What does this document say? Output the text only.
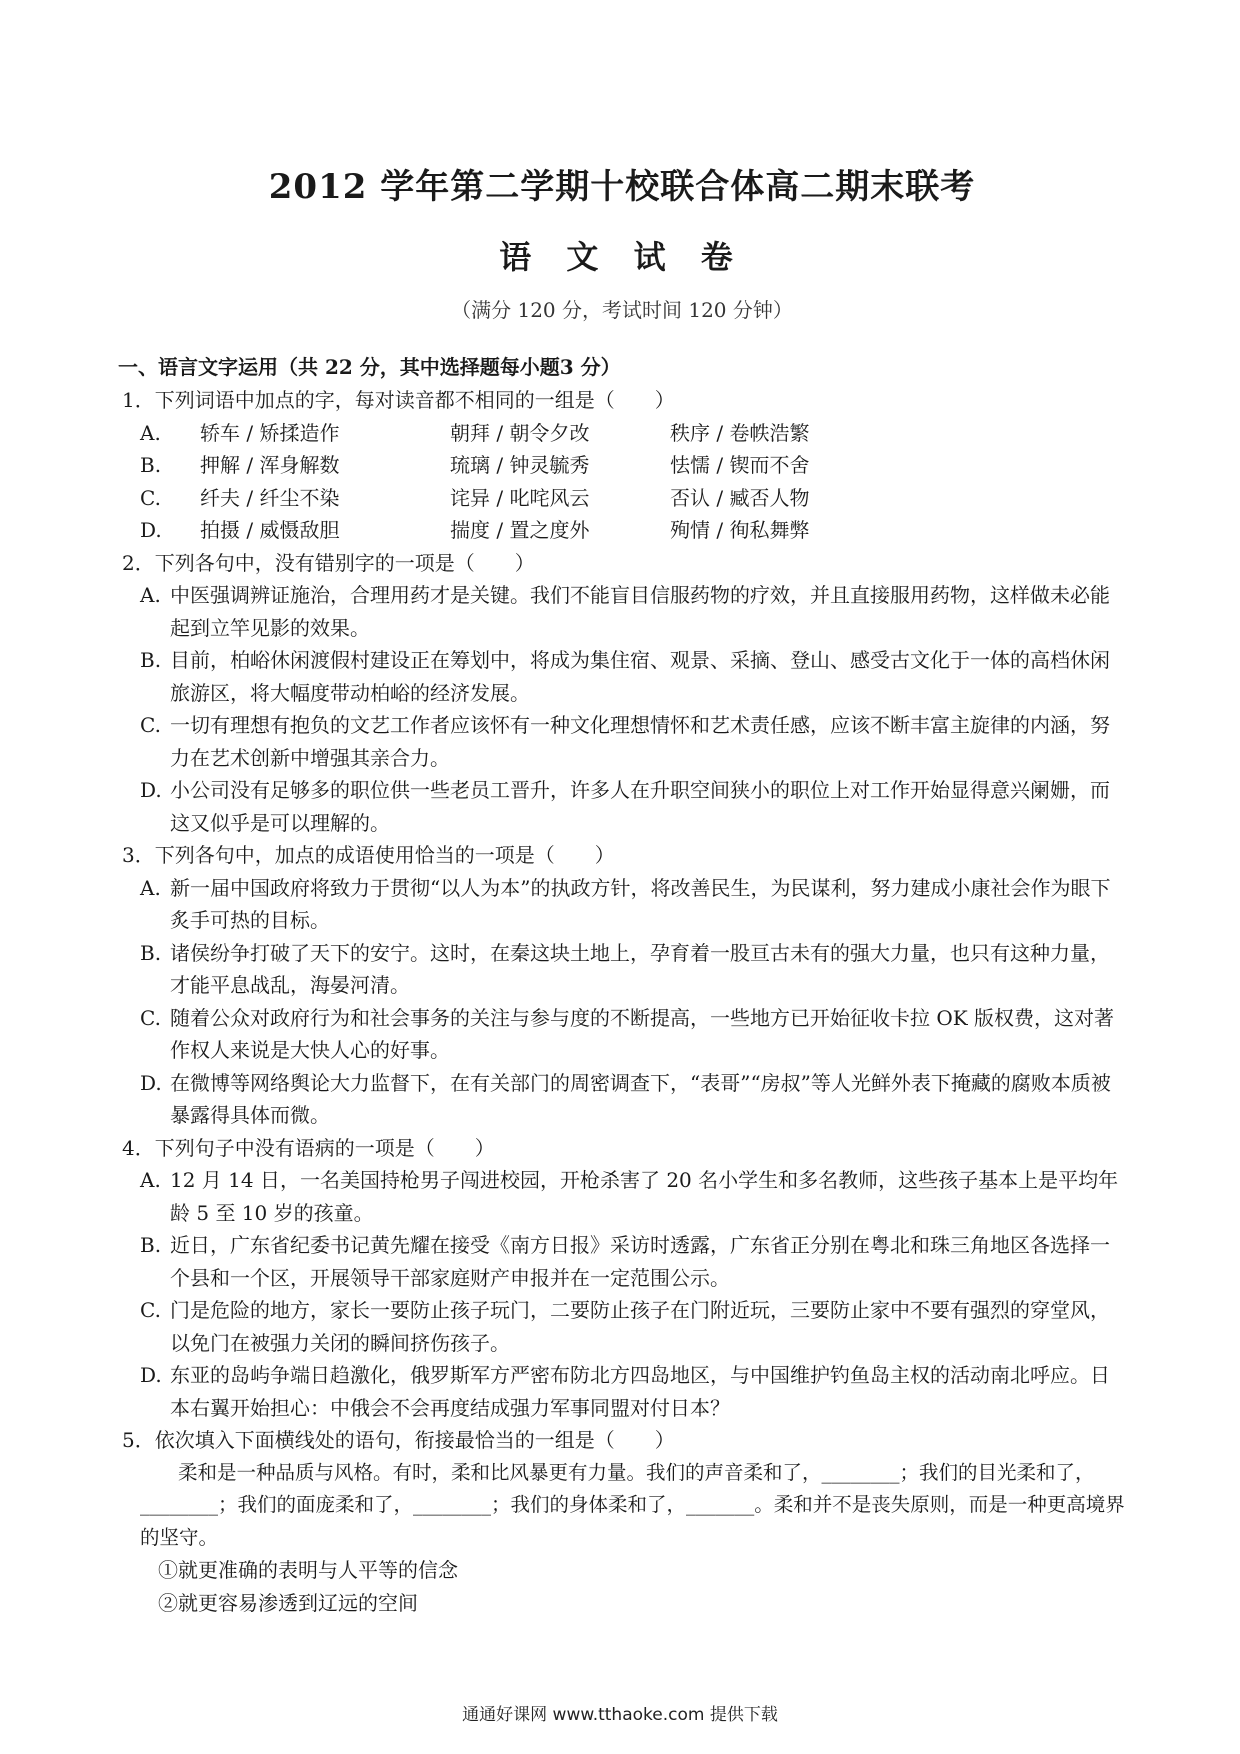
2012 学年第二学期十校联合体高二期末联考
语 文 试 卷
（满分 120 分，考试时间 120 分钟）
一、语言文字运用（共 22 分，其中选择题每小题3 分）
1．下列词语中加点的字，每对读音都不相同的一组是（　　）
A.	轿车 / 矫揉造作	朝拜 / 朝令夕改	秩序 / 卷帙浩繁
B.	押解 / 浑身解数	琉璃 / 钟灵毓秀	怯懦 / 锲而不舍
C.	纤夫 / 纤尘不染	诧异 / 叱咤风云	否认 / 臧否人物
D.	拍摄 / 威慑敌胆	揣度 / 置之度外	殉情 / 徇私舞弊
2．下列各句中，没有错别字的一项是（　　）
A. 中医强调辨证施治，合理用药才是关键。我们不能盲目信服药物的疗效，并且直接服用药物，这样做未必能起到立竿见影的效果。
B. 目前，柏峪休闲渡假村建设正在筹划中，将成为集住宿、观景、采摘、登山、感受古文化于一体的高档休闲旅游区，将大幅度带动柏峪的经济发展。
C. 一切有理想有抱负的文艺工作者应该怀有一种文化理想情怀和艺术责任感，应该不断丰富主旋律的内涵，努力在艺术创新中增强其亲合力。
D. 小公司没有足够多的职位供一些老员工晋升，许多人在升职空间狭小的职位上对工作开始显得意兴阑姗，而这又似乎是可以理解的。
3．下列各句中，加点的成语使用恰当的一项是（　　）
A. 新一届中国政府将致力于贯彻“以人为本”的执政方针，将改善民生，为民谋利，努力建成小康社会作为眼下炙手可热的目标。
B. 诸侯纷争打破了天下的安宁。这时，在秦这块土地上，孕育着一股亘古未有的强大力量，也只有这种力量，才能平息战乱，海晏河清。
C. 随着公众对政府行为和社会事务的关注与参与度的不断提高，一些地方已开始征收卡拉 OK 版权费，这对著作权人来说是大快人心的好事。
D. 在微博等网络舆论大力监督下，在有关部门的周密调查下，“表哥”“房叔”等人光鲜外表下掩藏的腐败本质被暴露得具体而微。
4．下列句子中没有语病的一项是（　　）
A. 12 月 14 日，一名美国持枪男子闯进校园，开枪杀害了 20 名小学生和多名教师，这些孩子基本上是平均年龄 5 至 10 岁的孩童。
B. 近日，广东省纪委书记黄先耀在接受《南方日报》采访时透露，广东省正分别在粤北和珠三角地区各选择一个县和一个区，开展领导干部家庭财产申报并在一定范围公示。
C. 门是危险的地方，家长一要防止孩子玩门，二要防止孩子在门附近玩，三要防止家中不要有强烈的穿堂风，以免门在被强力关闭的瞬间挤伤孩子。
D. 东亚的岛屿争端日趋激化，俄罗斯军方严密布防北方四岛地区，与中国维护钓鱼岛主权的活动南北呼应。日本右翼开始担心：中俄会不会再度结成强力军事同盟对付日本？
5．依次填入下面横线处的语句，衔接最恰当的一组是（　　）
柔和是一种品质与风格。有时，柔和比风暴更有力量。我们的声音柔和了，________；我们的目光柔和了，________；我们的面庞柔和了，________；我们的身体柔和了，_______。柔和并不是丧失原则，而是一种更高境界的坚守。
①就更准确的表明与人平等的信念
②就更容易渗透到辽远的空间
通通好课网 www.tthaoke.com 提供下载
